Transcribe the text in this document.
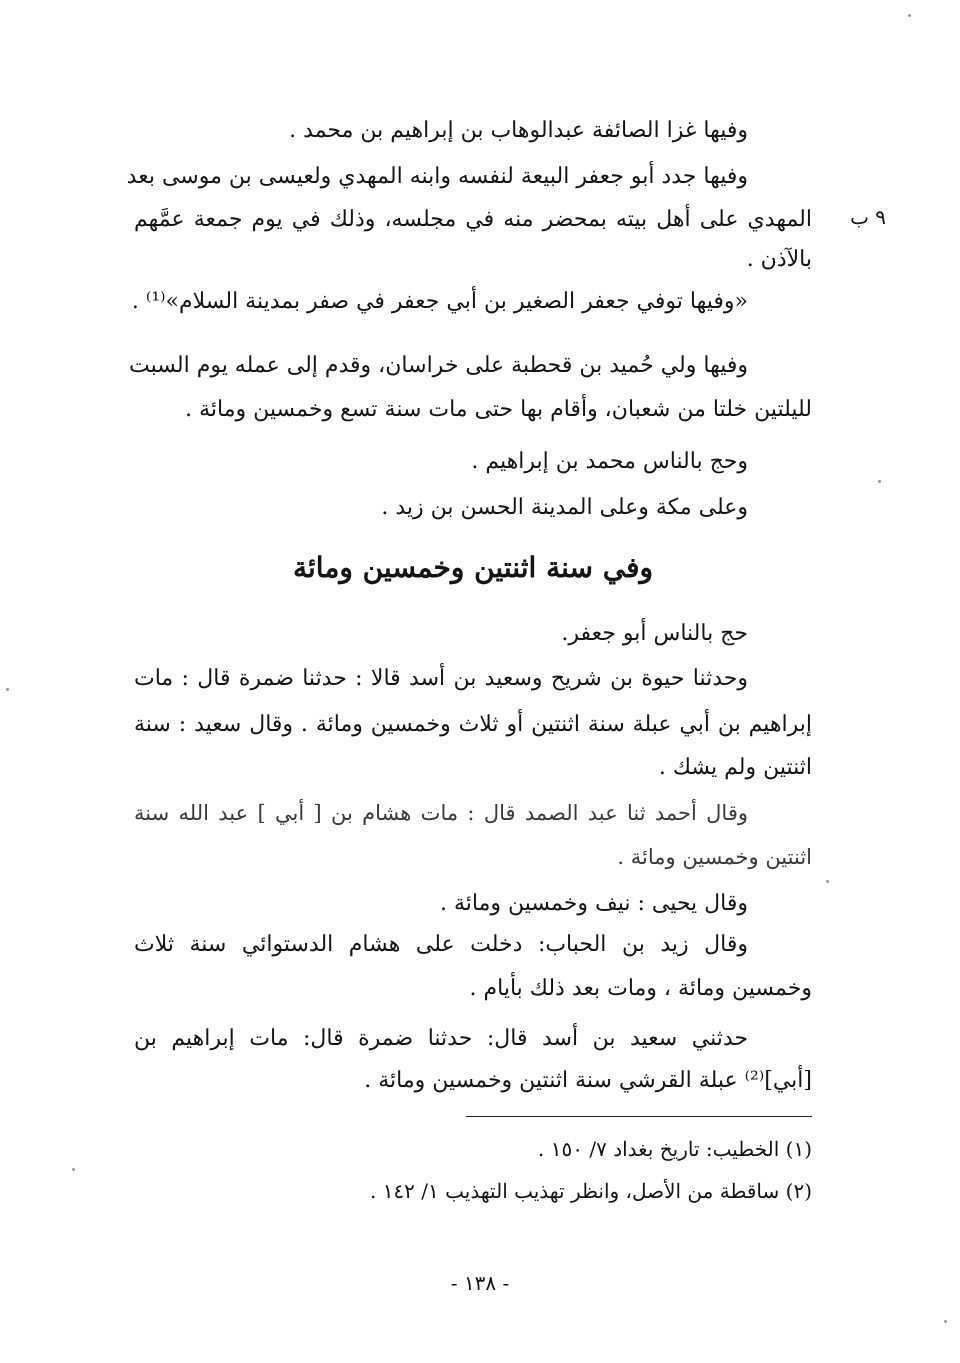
٩ ب
وفيها غزا الصائفة عبدالوهاب بن إبراهيم بن محمد .
وفيها جدد أبو جعفر البيعة لنفسه وابنه المهدي ولعيسى بن موسى بعد
المهدي على أهل بيته بمحضر منه في مجلسه، وذلك في يوم جمعة عمَّهم
بالآذن .
«وفيها توفي جعفر الصغير بن أبي جعفر في صفر بمدينة السلام»⁽¹⁾ .
وفيها ولي حُميد بن قحطبة على خراسان، وقدم إلى عمله يوم السبت
لليلتين خلتا من شعبان، وأقام بها حتى مات سنة تسع وخمسين ومائة .
وحج بالناس محمد بن إبراهيم .
وعلى مكة وعلى المدينة الحسن بن زيد .
وفي سنة اثنتين وخمسين ومائة
حج بالناس أبو جعفر.
وحدثنا حيوة بن شريح وسعيد بن أسد قالا : حدثنا ضمرة قال : مات
إبراهيم بن أبي عبلة سنة اثنتين أو ثلاث وخمسين ومائة . وقال سعيد : سنة
اثنتين ولم يشك .
وقال أحمد ثنا عبد الصمد قال : مات هشام بن [ أبي ] عبد الله سنة
اثنتين وخمسين ومائة .
وقال يحيى : نيف وخمسين ومائة .
وقال زيد بن الحباب: دخلت على هشام الدستوائي سنة ثلاث
وخمسين ومائة ، ومات بعد ذلك بأيام .
حدثني سعيد بن أسد قال: حدثنا ضمرة قال: مات إبراهيم بن
[أبي]⁽²⁾ عبلة القرشي سنة اثنتين وخمسين ومائة .
(١) الخطيب: تاريخ بغداد ٧/ ١٥٠ .
(٢) ساقطة من الأصل، وانظر تهذيب التهذيب ١/ ١٤٢ .
- ١٣٨ -
